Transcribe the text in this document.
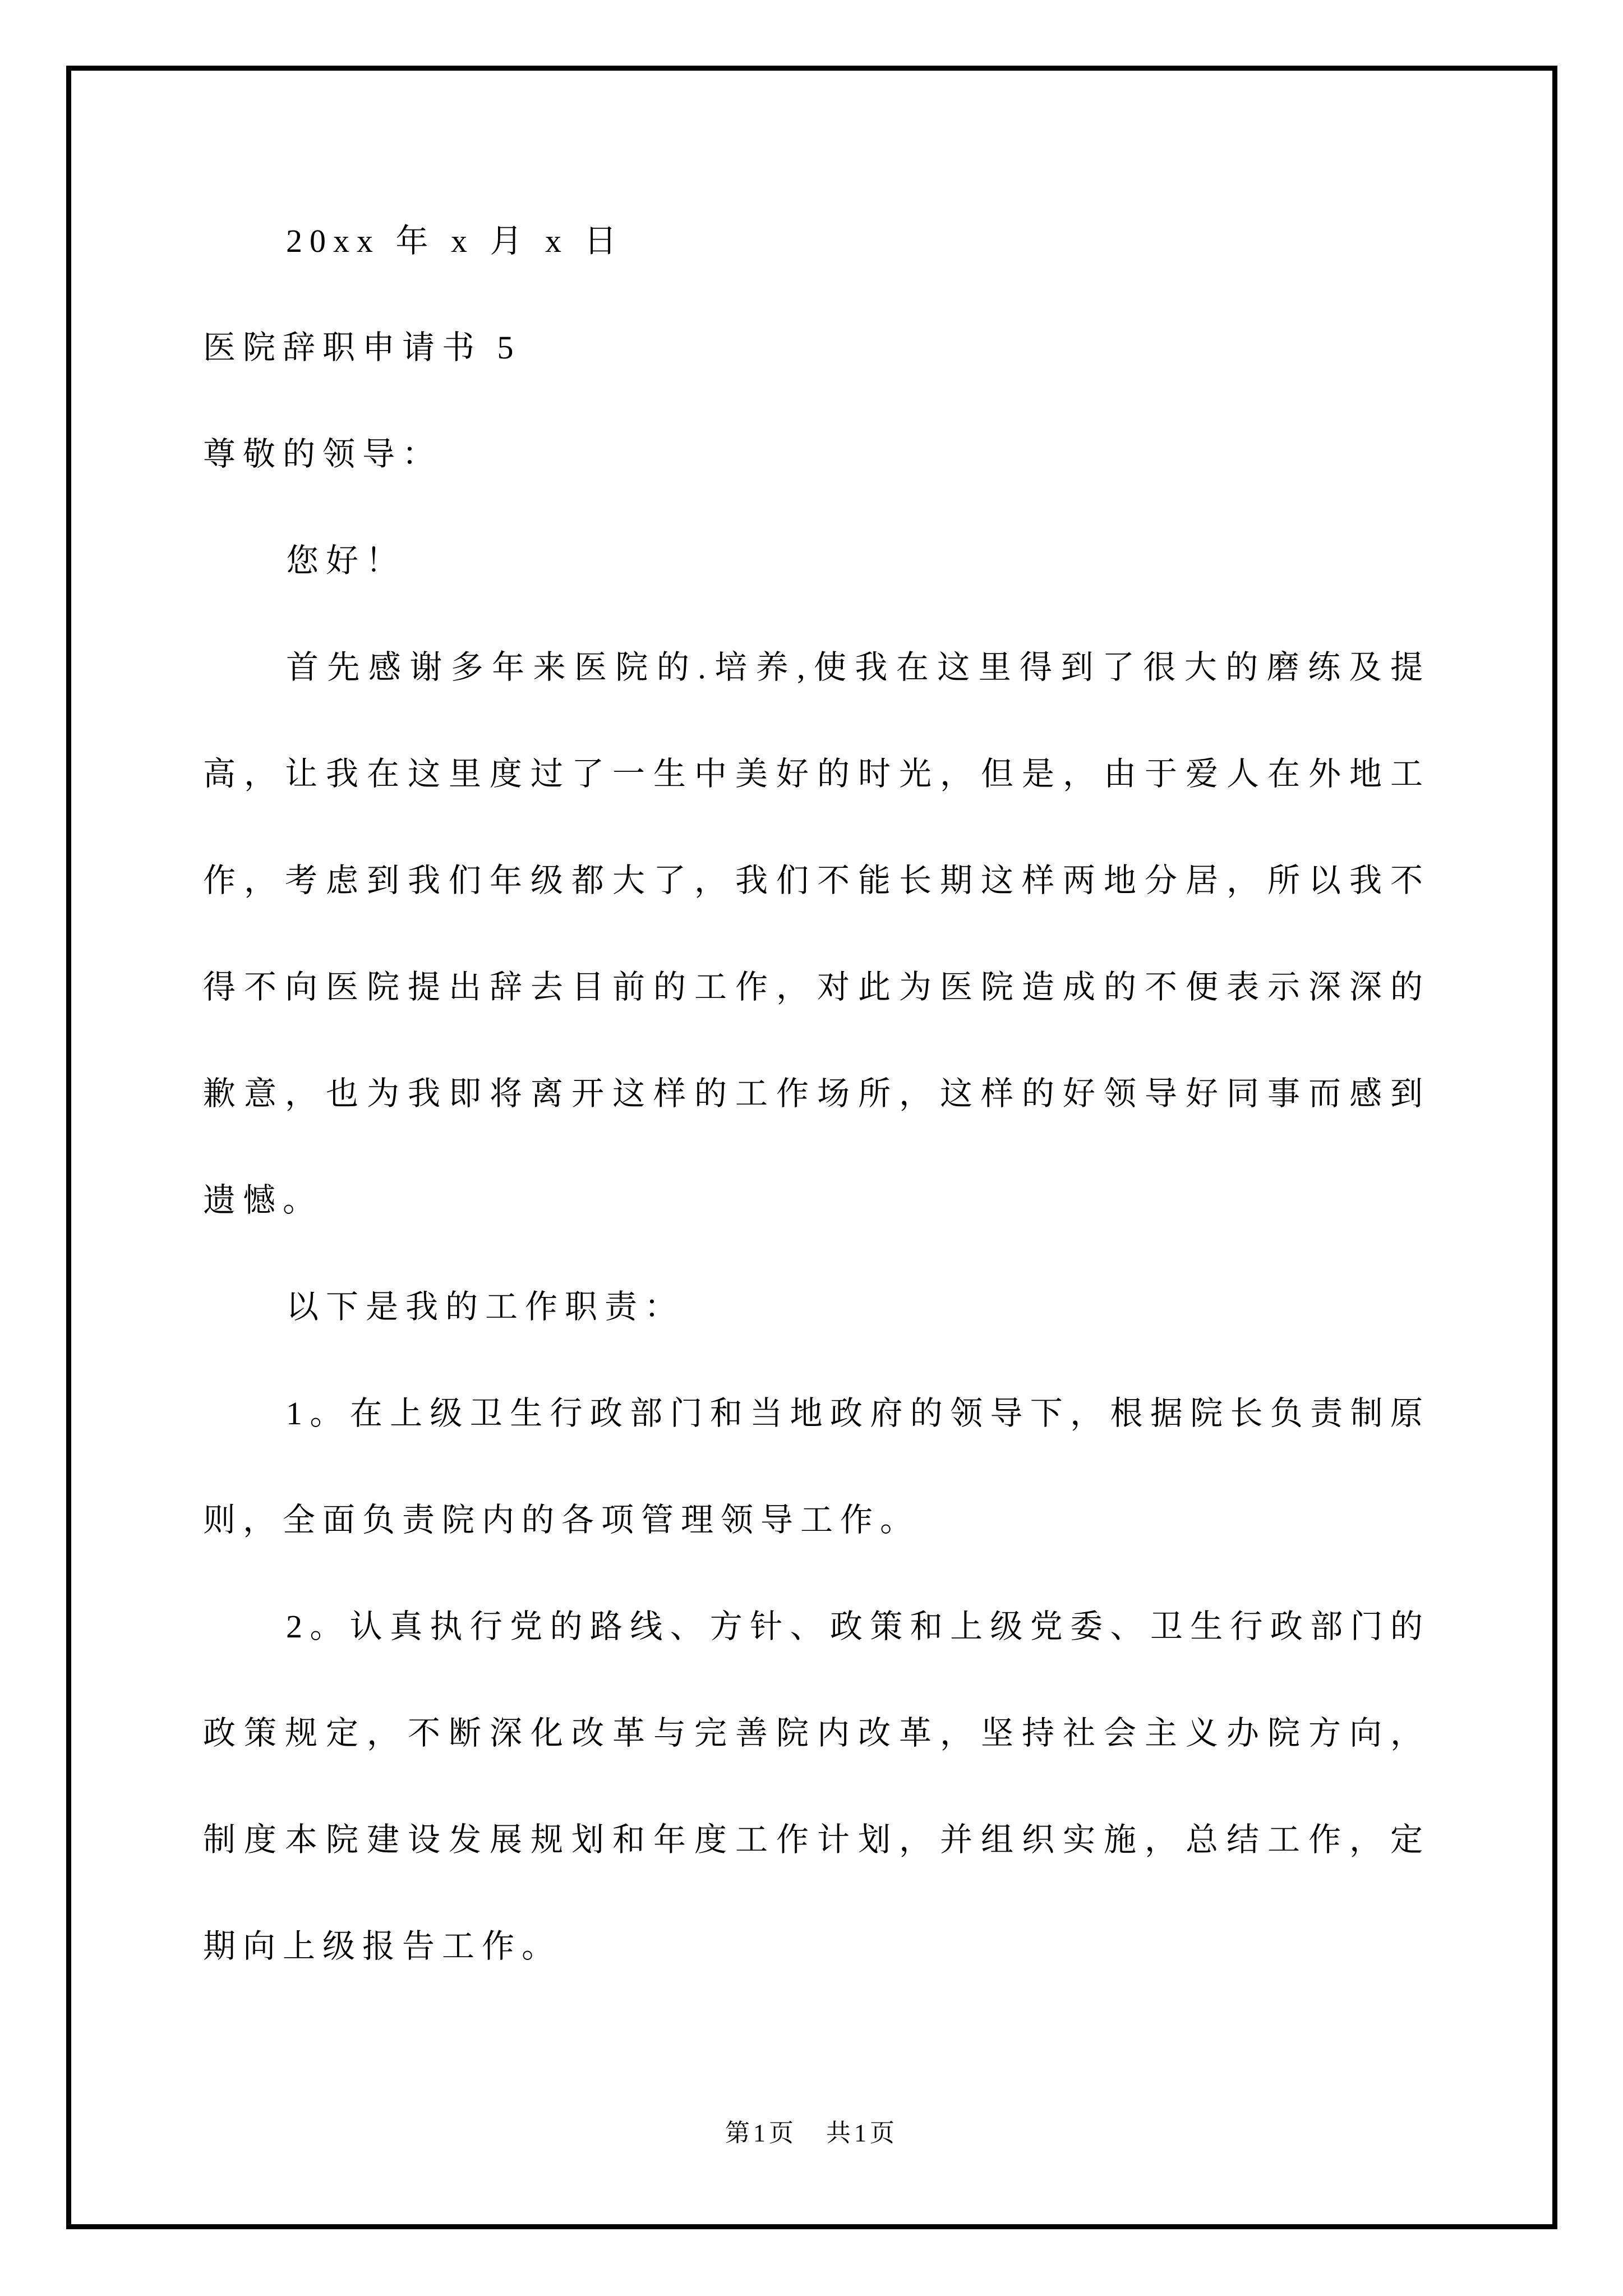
20xx 年 x 月 x 日
医院辞职申请书 5
尊敬的领导：
您好！
首先感谢多年来医院的.培养,使我在这里得到了很大的磨练及提
高，让我在这里度过了一生中美好的时光，但是，由于爱人在外地工
作，考虑到我们年级都大了，我们不能长期这样两地分居，所以我不
得不向医院提出辞去目前的工作，对此为医院造成的不便表示深深的
歉意，也为我即将离开这样的工作场所，这样的好领导好同事而感到
遗憾。
以下是我的工作职责：
1。在上级卫生行政部门和当地政府的领导下，根据院长负责制原
则，全面负责院内的各项管理领导工作。
2。认真执行党的路线、方针、政策和上级党委、卫生行政部门的
政策规定，不断深化改革与完善院内改革，坚持社会主义办院方向，
制度本院建设发展规划和年度工作计划，并组织实施，总结工作，定
期向上级报告工作。
第1页 共1页
